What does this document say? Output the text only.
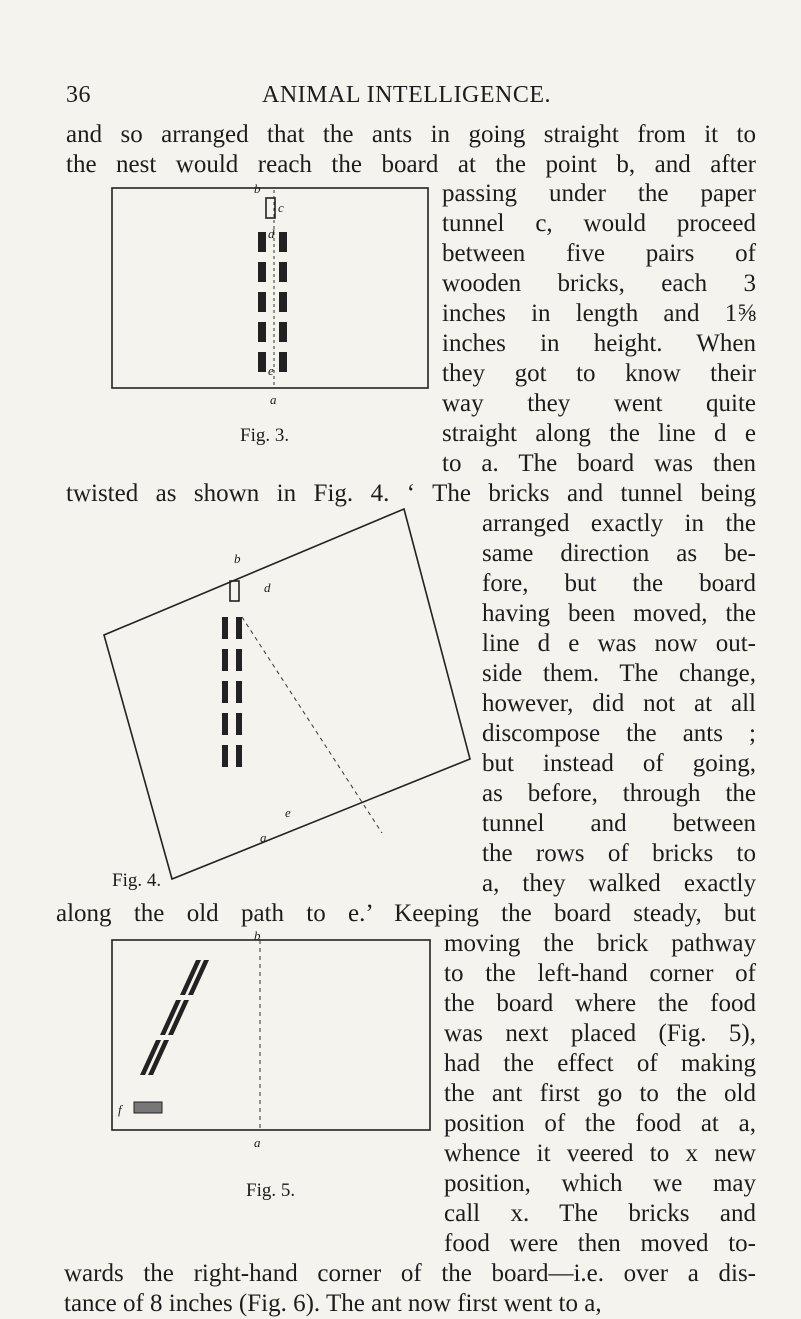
36	ANIMAL INTELLIGENCE.
and so arranged that the ants in going straight from it to
the nest would reach the board at the point b, and after
passing under the paper
tunnel c, would proceed
between five pairs of
wooden bricks, each 3
inches in length and 1⅝
inches in height. When
they got to know their
way they went quite
straight along the line d e
to a. The board was then
b
c
d
e
a
Fig. 3.
twisted as shown in Fig. 4. ‘ The bricks and tunnel being
arranged exactly in the
same direction as be-
fore, but the board
having been moved, the
line d e was now out-
side them. The change,
however, did not at all
discompose the ants ;
but instead of going,
as before, through the
tunnel and between
the rows of bricks to
a, they walked exactly
b
d
e
a
Fig. 4.
along the old path to e.’ Keeping the board steady, but
moving the brick pathway
to the left-hand corner of
the board where the food
was next placed (Fig. 5),
had the effect of making
the ant first go to the old
position of the food at a,
whence it veered to x new
position, which we may
call x. The bricks and
food were then moved to-
b
f
a
Fig. 5.
wards the right-hand corner of the board—i.e. over a dis-
tance of 8 inches (Fig. 6). The ant now first went to a,
